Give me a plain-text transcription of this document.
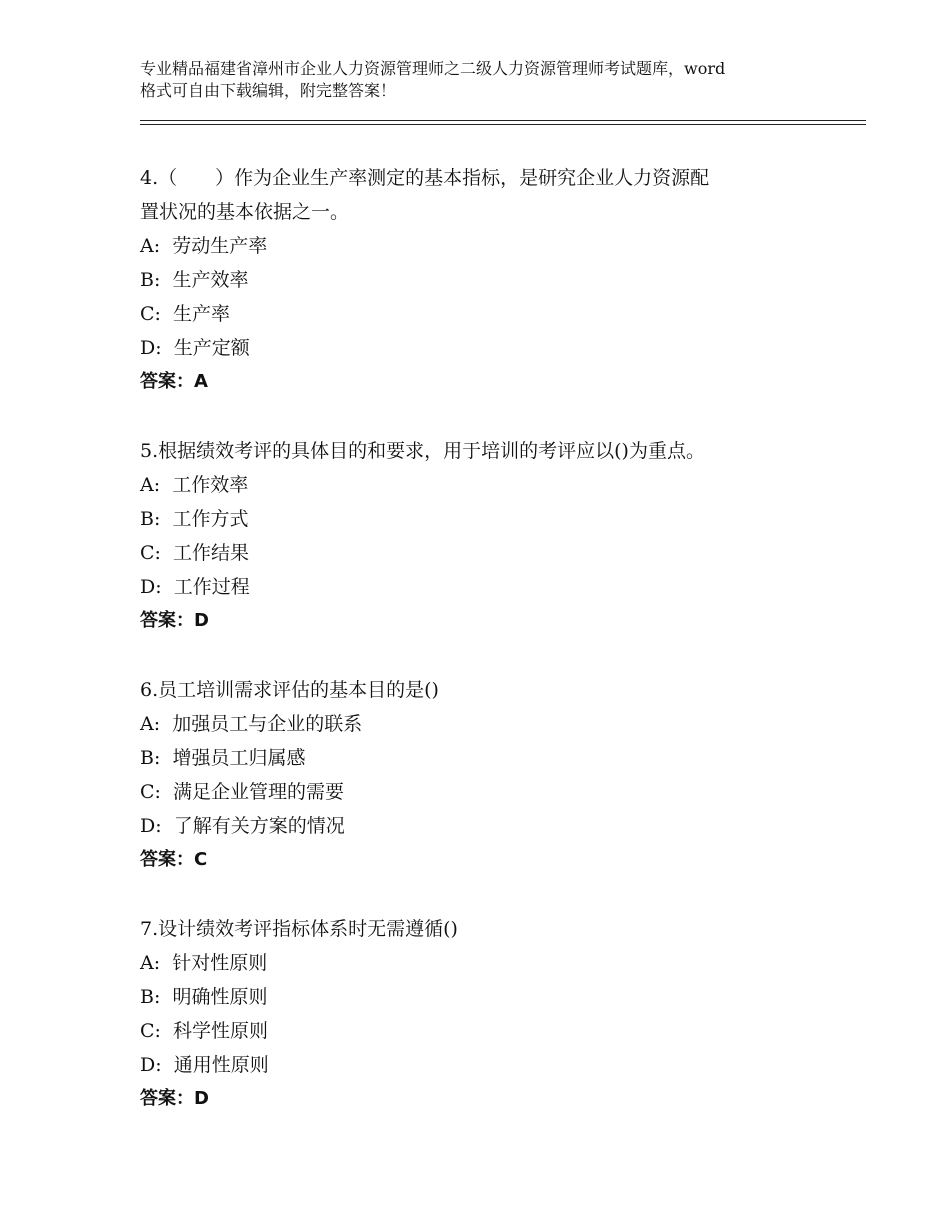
专业精品福建省漳州市企业人力资源管理师之二级人力资源管理师考试题库，word
格式可自由下载编辑，附完整答案！

4.（　　）作为企业生产率测定的基本指标，是研究企业人力资源配

置状况的基本依据之一。

A:  劳动生产率

B:  生产效率

C:  生产率

D:  生产定额

答案：A

5.根据绩效考评的具体目的和要求，用于培训的考评应以()为重点。

A:  工作效率

B:  工作方式

C:  工作结果

D:  工作过程

答案：D

6.员工培训需求评估的基本目的是()

A:  加强员工与企业的联系

B:  增强员工归属感

C:  满足企业管理的需要

D:  了解有关方案的情况

答案：C

7.设计绩效考评指标体系时无需遵循()

A:  针对性原则

B:  明确性原则

C:  科学性原则

D:  通用性原则

答案：D
